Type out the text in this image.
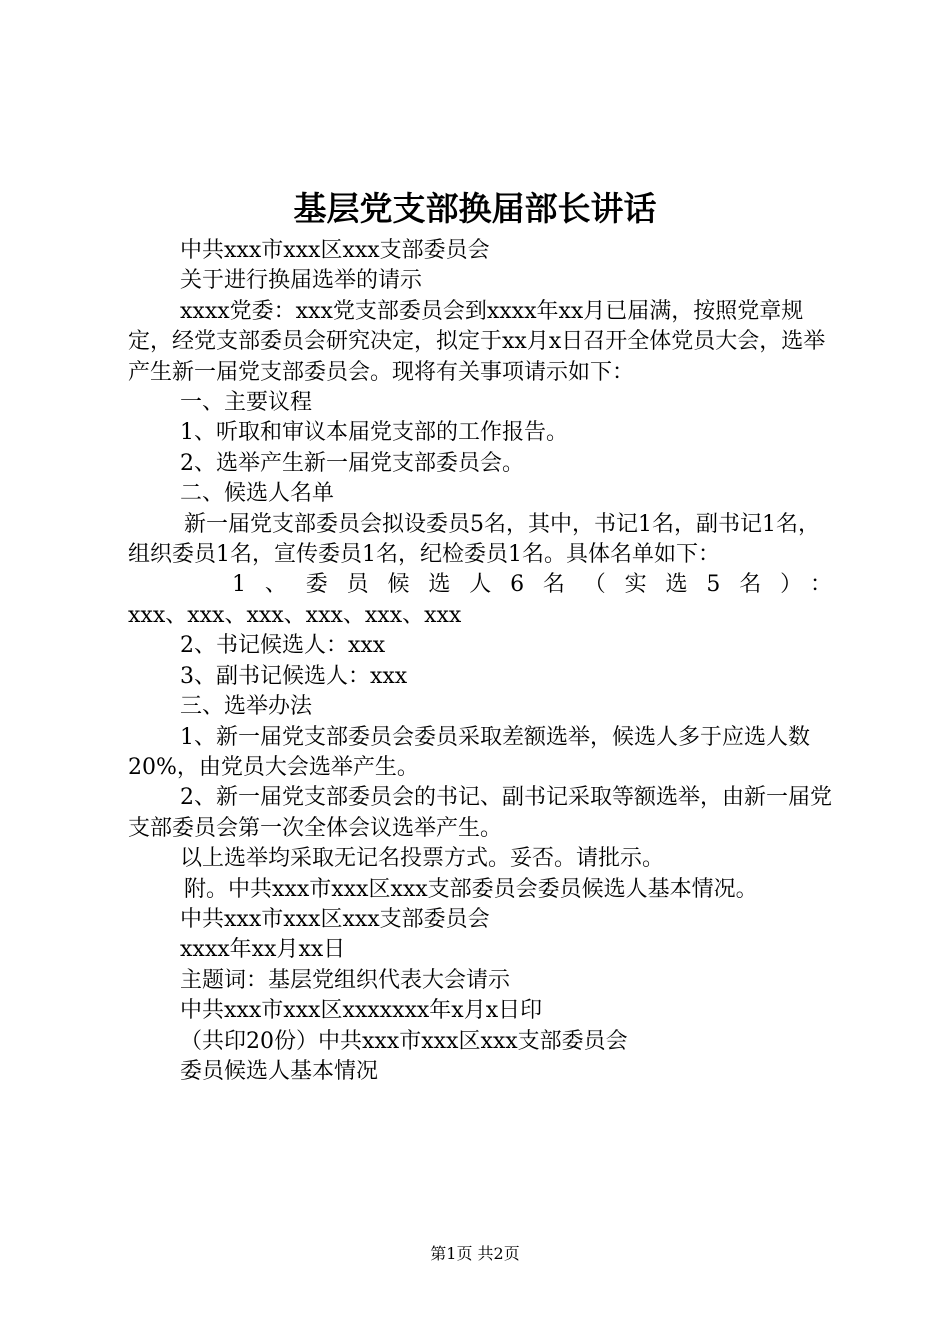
基层党支部换届部长讲话

中共xxx市xxx区xxx支部委员会

关于进行换届选举的请示

xxxx党委：xxx党支部委员会到xxxx年xx月已届满，按照党章规定，经党支部委员会研究决定，拟定于xx月x日召开全体党员大会，选举产生新一届党支部委员会。现将有关事项请示如下：

一、主要议程

1、听取和审议本届党支部的工作报告。

2、选举产生新一届党支部委员会。

二、候选人名单

新一届党支部委员会拟设委员5名，其中，书记1名，副书记1名，组织委员1名，宣传委员1名，纪检委员1名。具体名单如下：

1、委员候选人6名（实选5名）：

xxx、xxx、xxx、xxx、xxx、xxx

2、书记候选人：xxx

3、副书记候选人：xxx

三、选举办法

1、新一届党支部委员会委员采取差额选举，候选人多于应选人数20%，由党员大会选举产生。

2、新一届党支部委员会的书记、副书记采取等额选举，由新一届党支部委员会第一次全体会议选举产生。

以上选举均采取无记名投票方式。妥否。请批示。

附。中共xxx市xxx区xxx支部委员会委员候选人基本情况。

中共xxx市xxx区xxx支部委员会

xxxx年xx月xx日

主题词：基层党组织代表大会请示

中共xxx市xxx区xxxxxxx年x月x日印

（共印20份）中共xxx市xxx区xxx支部委员会

委员候选人基本情况

第1页 共2页
